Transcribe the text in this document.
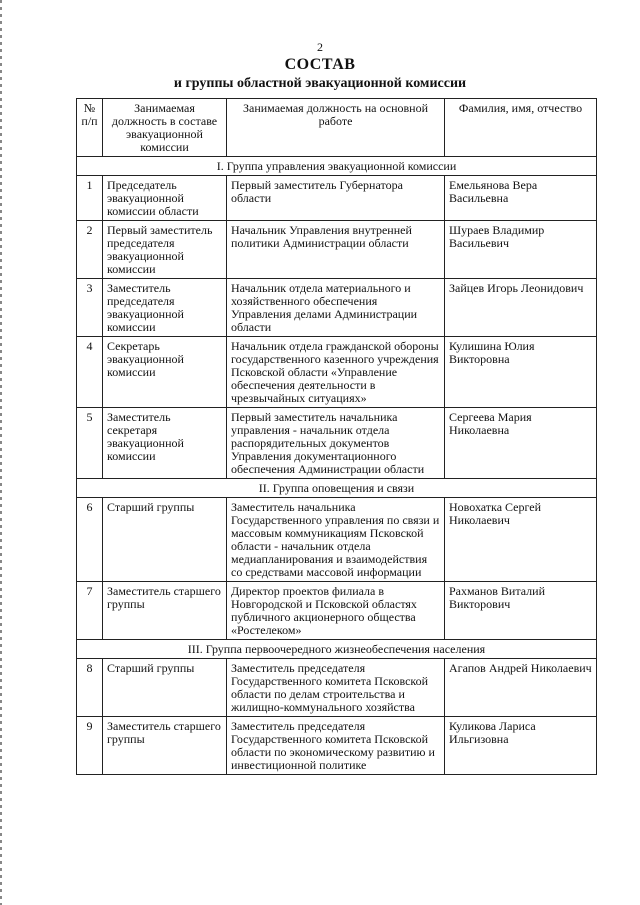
2
СОСТАВ
и группы областной эвакуационной комиссии
№ п/п	Занимаемая должность в составе эвакуационной комиссии	Занимаемая должность на основной работе	Фамилия, имя, отчество
I. Группа управления эвакуационной комиссии			
1	Председатель эвакуационной комиссии области	Первый заместитель Губернатора области	Емельянова Вера Васильевна
2	Первый заместитель председателя эвакуационной комиссии	Начальник Управления внутренней политики Администрации области	Шураев Владимир Васильевич
3	Заместитель председателя эвакуационной комиссии	Начальник отдела материального и хозяйственного обеспечения Управления делами Администрации области	Зайцев Игорь Леонидович
4	Секретарь эвакуационной комиссии	Начальник отдела гражданской обороны государственного казенного учреждения Псковской области «Управление обеспечения деятельности в чрезвычайных ситуациях»	Кулишина Юлия Викторовна
5	Заместитель секретаря эвакуационной комиссии	Первый заместитель начальника управления - начальник отдела распорядительных документов Управления документационного обеспечения Администрации области	Сергеева Мария Николаевна
II. Группа оповещения и связи			
6	Старший группы	Заместитель начальника Государственного управления по связи и массовым коммуникациям Псковской области - начальник отдела медиапланирования и взаимодействия со средствами массовой информации	Новохатка Сергей Николаевич
7	Заместитель старшего группы	Директор проектов филиала в Новгородской и Псковской областях публичного акционерного общества «Ростелеком»	Рахманов Виталий Викторович
III. Группа первоочередного жизнеобеспечения населения			
8	Старший группы	Заместитель председателя Государственного комитета Псковской области по делам строительства и жилищно-коммунального хозяйства	Агапов Андрей Николаевич
9	Заместитель старшего группы	Заместитель председателя Государственного комитета Псковской области по экономическому развитию и инвестиционной политике	Куликова Лариса Ильгизовна
